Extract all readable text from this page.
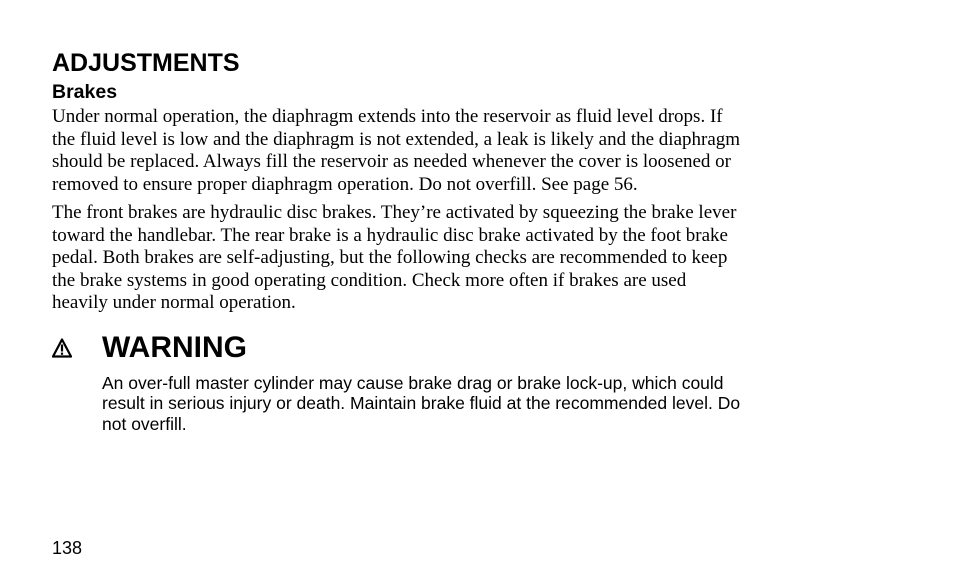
ADJUSTMENTS
Brakes

Under normal operation, the diaphragm extends into the reservoir as fluid level drops. If
the fluid level is low and the diaphragm is not extended, a leak is likely and the diaphragm
should be replaced. Always fill the reservoir as needed whenever the cover is loosened or
removed to ensure proper diaphragm operation. Do not overfill. See page 56.

The front brakes are hydraulic disc brakes. They’re activated by squeezing the brake lever
toward the handlebar. The rear brake is a hydraulic disc brake activated by the foot brake
pedal. Both brakes are self-adjusting, but the following checks are recommended to keep
the brake systems in good operating condition. Check more often if brakes are used
heavily under normal operation.

WARNING

An over-full master cylinder may cause brake drag or brake lock-up, which could
result in serious injury or death. Maintain brake fluid at the recommended level. Do
not overfill.

138
